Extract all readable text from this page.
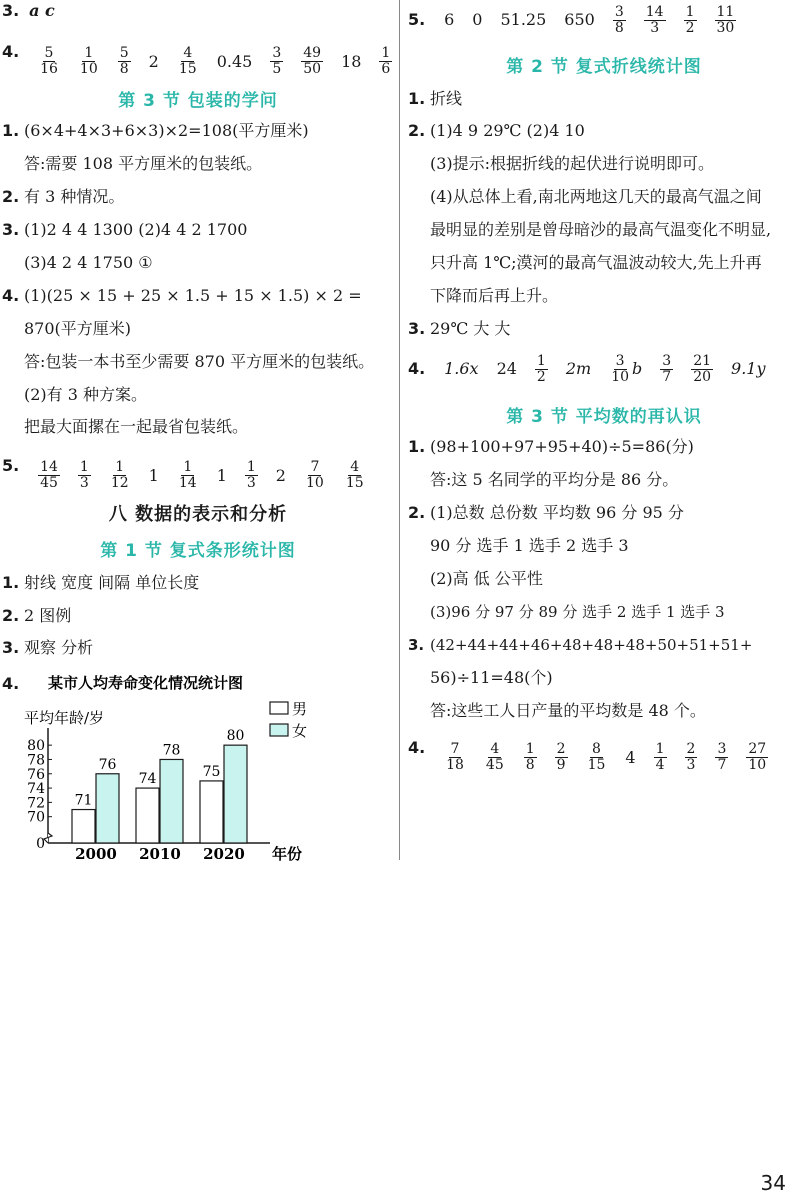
3. a c
4. $\frac{5}{16} \frac{1}{10} \frac{5}{8} 2 \frac{4}{15} 0.45 \frac{3}{5} \frac{49}{50} 18 \frac{1}{6}$
第 3 节 包装的学问
1. (6×4+4×3+6×3)×2=108(平方厘米)
答:需要 108 平方厘米的包装纸。
2. 有 3 种情况。
3. (1)2 4 4 1300 (2)4 4 2 1700
(3)4 2 4 1750 ①
4. (1)(25 × 15 + 25 × 1.5 + 15 × 1.5) × 2 =
870(平方厘米)
答:包装一本书至少需要 870 平方厘米的包装纸。
(2)有 3 种方案。
把最大面摞在一起最省包装纸。
5. $\frac{14}{45} \frac{1}{3} \frac{1}{12} 1 \frac{1}{14} 1 \frac{1}{3} 2 \frac{7}{10} \frac{4}{15}$
八 数据的表示和分析
第 1 节 复式条形统计图
1. 射线 宽度 间隔 单位长度
2. 2 图例
3. 观察 分析
4.	某市人均寿命变化情况统计图
平均年龄/岁	男
女
0
70
72
74
76
78
80
年份
2000 2010 2020
71
76
74
78
75
80
5. 6 0 51.25 $650 \frac{3}{8} \frac{14}{3} \frac{1}{2} \frac{11}{30}$
第 2 节 复式折线统计图
1. 折线
2. (1)4 9 29℃ (2)4 10
(3)提示:根据折线的起伏进行说明即可。
(4)从总体上看,南北两地这几天的最高气温之间
最明显的差别是曾母暗沙的最高气温变化不明显,
只升高 1℃;漠河的最高气温波动较大,先上升再
下降而后再上升。
3. 29℃ 大 大
4. 1.6x $24 \frac{1}{2} 2m \frac{3}{10}$ b $\frac{3}{7} \frac{21}{20} 9.1y$
第 3 节 平均数的再认识
1. (98+100+97+95+40)÷5=86(分)
答:这 5 名同学的平均分是 86 分。
2. (1)总数 总份数 平均数 96 分 95 分
90 分 选手 1 选手 2 选手 3
(2)高 低 公平性
(3)96 分 97 分 89 分 选手 2 选手 1 选手 3
3. (42+44+44+46+48+48+48+50+51+51+
56)÷11=48(个)
答:这些工人日产量的平均数是 48 个。
4. $\frac{7}{18} \frac{4}{45} \frac{1}{8} \frac{2}{9} \frac{8}{15} 4 \frac{1}{4} \frac{2}{3} \frac{3}{7} \frac{27}{10}$
34
